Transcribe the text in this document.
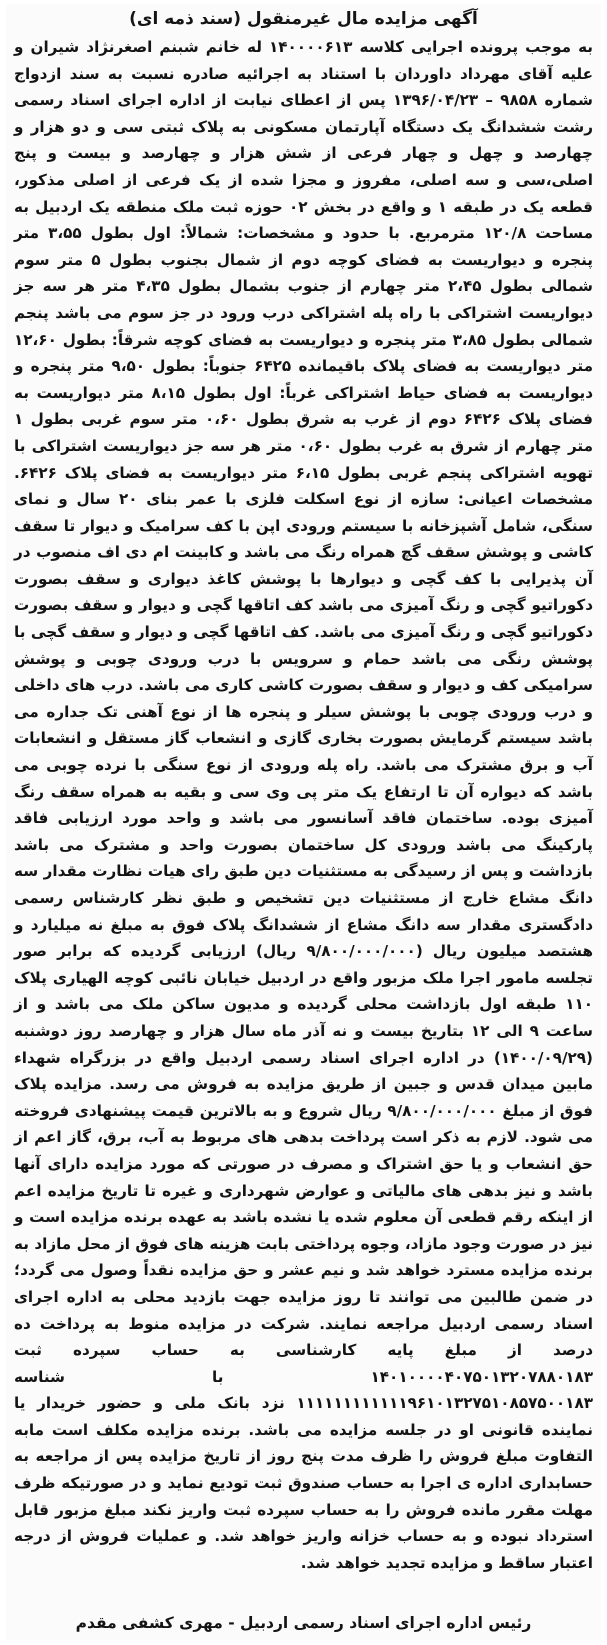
آگهی مزایده مال غیرمنقول (سند ذمه ای)

به موجب پرونده اجرایی کلاسه ۱۴۰۰۰۰۶۱۳ له خانم شبنم اصغرنژاد شیران و علیه آقای مهرداد داوردان با استناد به اجرائیه صادره نسبت به سند ازدواج شماره ۹۸۵۸ – ۱۳۹۶/۰۴/۲۳ پس از اعطای نیابت از اداره اجرای اسناد رسمی رشت ششدانگ یک دستگاه آپارتمان مسکونی به پلاک ثبتی سی و دو هزار و چهارصد و چهل و چهار فرعی از شش هزار و چهارصد و بیست و پنج اصلی،سی و سه اصلی، مفروز و مجزا شده از یک فرعی از اصلی مذکور، قطعه یک در طبقه ۱ و واقع در بخش ۰۲ حوزه ثبت ملک منطقه یک اردبیل به مساحت ۱۲۰/۸ مترمربع. با حدود و مشخصات: شمالاً: اول بطول ۳،۵۵ متر پنجره و دیواریست به فضای کوچه دوم از شمال بجنوب بطول ۵ متر سوم شمالی بطول ۲،۴۵ متر چهارم از جنوب بشمال بطول ۴،۳۵ متر هر سه جز دیواریست اشتراکی با راه پله اشتراکی درب ورود در جز سوم می باشد پنجم شمالی بطول ۳،۸۵ متر پنجره و دیواریست به فضای کوچه شرقاً: بطول ۱۲،۶۰ متر دیواریست به فضای پلاک باقیمانده ۶۴۲۵ جنوباً: بطول ۹،۵۰ متر پنجره و دیواریست به فضای حیاط اشتراکی غرباً: اول بطول ۸،۱۵ متر دیواریست به فضای پلاک ۶۴۲۶ دوم از غرب به شرق بطول ۰،۶۰ متر سوم غربی بطول ۱ متر چهارم از شرق به غرب بطول ۰،۶۰ متر هر سه جز دیواریست اشتراکی با تهویه اشتراکی پنجم غربی بطول ۶،۱۵ متر دیواریست به فضای پلاک ۶۴۲۶. مشخصات اعیانی: سازه از نوع اسکلت فلزی با عمر بنای ۲۰ سال و نمای سنگی، شامل آشپزخانه با سیستم ورودی اپن با کف سرامیک و دیوار تا سقف کاشی و پوشش سقف گچ همراه رنگ می باشد و کابینت ام دی اف منصوب در آن پذیرایی با کف گچی و دیوارها با پوشش کاغذ دیواری و سقف بصورت دکوراتیو گچی و رنگ آمیزی می باشد کف اتاقها گچی و دیوار و سقف بصورت دکوراتیو گچی و رنگ آمیزی می باشد. کف اتاقها گچی و دیوار و سقف گچی با پوشش رنگی می باشد حمام و سرویس با درب ورودی چوبی و پوشش سرامیکی کف و دیوار و سقف بصورت کاشی کاری می باشد. درب های داخلی و درب ورودی چوبی با پوشش سیلر و پنجره ها از نوع آهنی تک جداره می باشد سیستم گرمایش بصورت بخاری گازی و انشعاب گاز مستقل و انشعابات آب و برق مشترک می باشد. راه پله ورودی از نوع سنگی با نرده چوبی می باشد که دیواره آن تا ارتفاع یک متر پی وی سی و بقیه به همراه سقف رنگ آمیزی بوده. ساختمان فاقد آسانسور می باشد و واحد مورد ارزیابی فاقد پارکینگ می باشد ورودی کل ساختمان بصورت واحد و مشترک می باشد بازداشت و پس از رسیدگی به مستثنیات دین طبق رای هیات نظارت مقدار سه دانگ مشاع خارج از مستثنیات دین تشخیص و طبق نظر کارشناس رسمی دادگستری مقدار سه دانگ مشاع از ششدانگ پلاک فوق به مبلغ نه میلیارد و هشتصد میلیون ریال (۹/۸۰۰/۰۰۰/۰۰۰ ریال) ارزیابی گردیده که برابر صور تجلسه مامور اجرا ملک مزبور واقع در اردبیل خیابان نائبی کوچه الهیاری پلاک ۱۱۰ طبقه اول بازداشت محلی گردیده و مدیون ساکن ملک می باشد و از ساعت ۹ الی ۱۲ بتاریخ بیست و نه آذر ماه سال هزار و چهارصد روز دوشنبه (۱۴۰۰/۰۹/۲۹) در اداره اجرای اسناد رسمی اردبیل واقع در بزرگراه شهداء مابین میدان قدس و جبین از طریق مزایده به فروش می رسد. مزایده پلاک فوق از مبلغ ۹/۸۰۰/۰۰۰/۰۰۰ ریال شروع و به بالاترین قیمت پیشنهادی فروخته می شود. لازم به ذکر است پرداخت بدهی های مربوط به آب، برق، گاز اعم از حق انشعاب و یا حق اشتراک و مصرف در صورتی که مورد مزایده دارای آنها باشد و نیز بدهی های مالیاتی و عوارض شهرداری و غیره تا تاریخ مزایده اعم از اینکه رقم قطعی آن معلوم شده یا نشده باشد به عهده برنده مزایده است و نیز در صورت وجود مازاد، وجوه پرداختی بابت هزینه های فوق از محل مازاد به برنده مزایده مسترد خواهد شد و نیم عشر و حق مزایده نقداً وصول می گردد؛ در ضمن طالبین می توانند تا روز مزایده جهت بازدید محلی به اداره اجرای اسناد رسمی اردبیل مراجعه نمایند. شرکت در مزایده منوط به پرداخت ده درصد از مبلغ پایه کارشناسی به حساب سپرده ثبت ۱۴۰۱۰۰۰۰۴۰۷۵۰۱۳۲۰۷۸۸۰۱۸۳ با شناسه ۱۱۱۱۱۱۱۱۱۱۱۱۹۶۱۰۱۳۲۷۵۱۰۸۵۷۵۰۰۱۸۳ نزد بانک ملی و حضور خریدار یا نماینده قانونی او در جلسه مزایده می باشد. برنده مزایده مکلف است مابه التفاوت مبلغ فروش را ظرف مدت پنج روز از تاریخ مزایده پس از مراجعه به حسابداری اداره ی اجرا به حساب صندوق ثبت تودیع نماید و در صورتیکه ظرف مهلت مقرر مانده فروش را به حساب سپرده ثبت واریز نکند مبلغ مزبور قابل استرداد نبوده و به حساب خزانه واریز خواهد شد. و عملیات فروش از درجه اعتبار ساقط و مزایده تجدید خواهد شد.

رئیس اداره اجرای اسناد رسمی اردبیل - مهری کشفی مقدم
